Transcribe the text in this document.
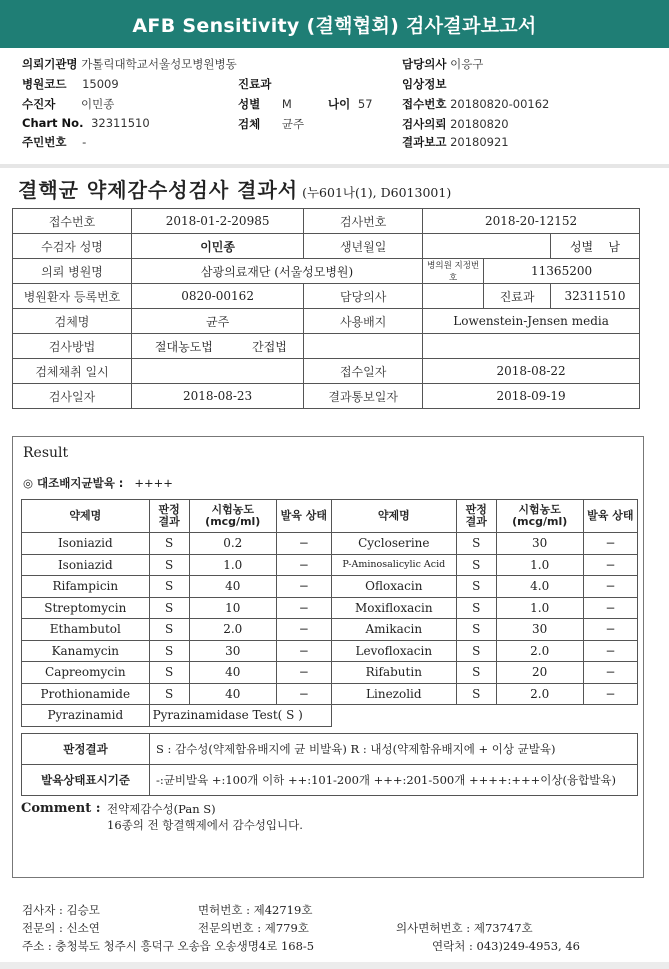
AFB Sensitivity (결핵협회) 검사결과보고서
의뢰기관명 가톨릭대학교서울성모병원병동
병원코드 15009
수진자 이민종
Chart No. 32311510
주민번호 -
진료과
성별 M	나이 57
검체 균주
담당의사 이응구
임상정보
접수번호 20180820-00162
검사의뢰 20180820
결과보고 20180921
결핵균 약제감수성검사 결과서 (누601나(1), D6013001)
접수번호	2018-01-2-20985		검사번호	2018-20-12152		
수검자 성명	이민종		생년월일			성별 남
의뢰 병원명	삼광의료재단 (서울성모병원)			병의원 지정번호	11365200	
병원환자 등록번호	0820-00162		담당의사		진료과	32311510
검체명	균주		사용배지	Lowenstein-Jensen media		
검사방법	절대농도법	간접법				
검체채취 일시			접수일자	2018-08-22		
검사일자	2018-08-23		결과통보일자	2018-09-19		
Result
◎ 대조배지균발육 : ++++
약제명	판정 결과	시험농도 (mcg/ml)	발육 상태	약제명	판정 결과	시험농도 (mcg/ml)	발육 상태
Isoniazid	S	0.2	−	Cycloserine	S	30	−
Isoniazid	S	1.0	−	P-Aminosalicylic Acid	S	1.0	−
Rifampicin	S	40	−	Ofloxacin	S	4.0	−
Streptomycin	S	10	−	Moxifloxacin	S	1.0	−
Ethambutol	S	2.0	−	Amikacin	S	30	−
Kanamycin	S	30	−	Levofloxacin	S	2.0	−
Capreomycin	S	40	−	Rifabutin	S	20	−
Prothionamide	S	40	−	Linezolid	S	2.0	−
Pyrazinamid	Pyrazinamidase Test( S )						
판정결과	S : 감수성(약제함유배지에 균 비발육) R : 내성(약제함유배지에 + 이상 균발육)
발육상태표시기준	-:균비발육 +:100개 이하 ++:101-200개 +++:201-500개 ++++:+++이상(융합발육)
Comment : 전약제감수성(Pan S)
16종의 전 항결핵제에서 감수성입니다.
검사자 : 김승모	면허번호 : 제42719호
전문의 : 신소연	전문의번호 : 제779호	의사면허번호 : 제73747호
주소 : 충청북도 청주시 흥덕구 오송읍 오송생명4로 168-5	연락처 : 043)249-4953, 46
